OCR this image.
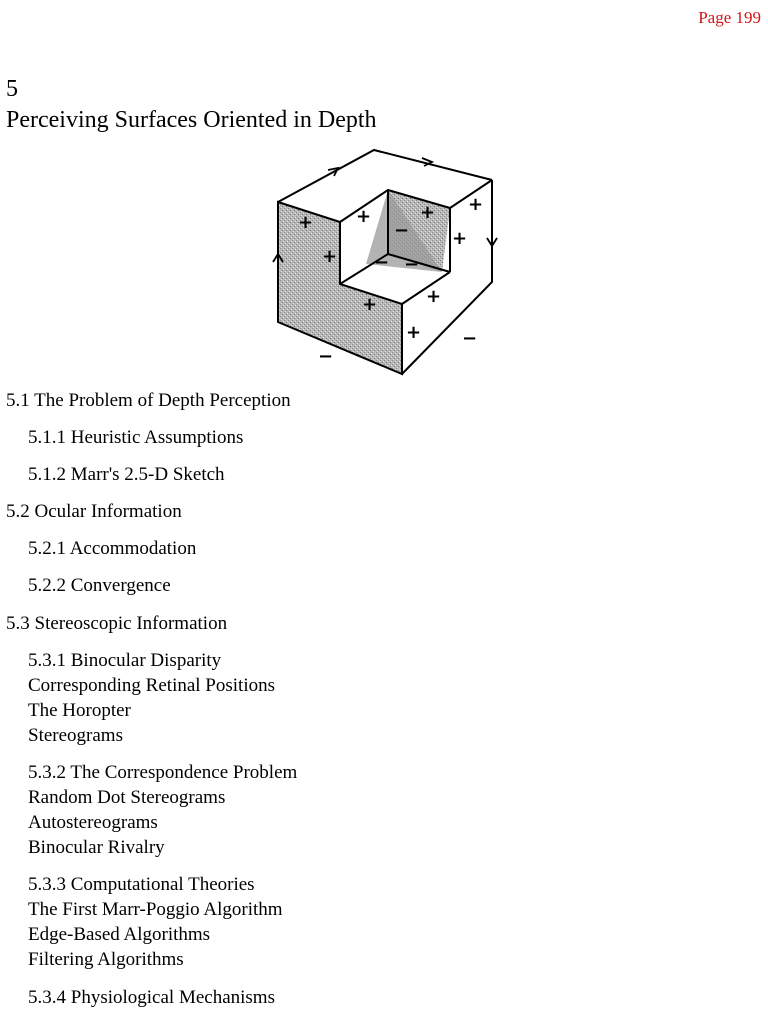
Page 199
5
Perceiving Surfaces Oriented in Depth
+
+
+	+ +
+
+	+
+
−
− −
−
−
5.1 The Problem of Depth Perception
5.1.1 Heuristic Assumptions
5.1.2 Marr's 2.5-D Sketch
5.2 Ocular Information
5.2.1 Accommodation
5.2.2 Convergence
5.3 Stereoscopic Information
5.3.1 Binocular Disparity
Corresponding Retinal Positions
The Horopter
Stereograms
5.3.2 The Correspondence Problem
Random Dot Stereograms
Autostereograms
Binocular Rivalry
5.3.3 Computational Theories
The First Marr-Poggio Algorithm
Edge-Based Algorithms
Filtering Algorithms
5.3.4 Physiological Mechanisms
